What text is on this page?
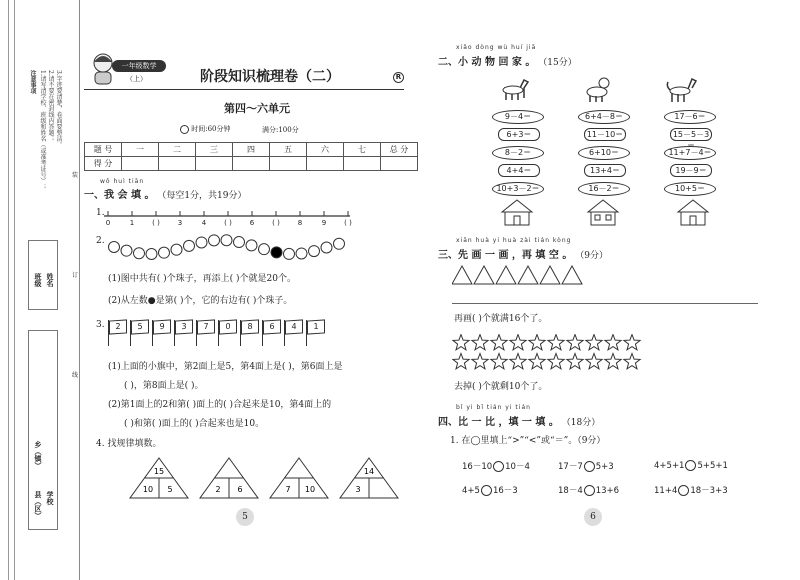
注意事项 1.请写清学校、班级和姓名（或准考证号）； 2.请不要在密封线内答题； 3.字迹要清楚，卷面要整洁。
班级 姓名
乡（镇）
县（区） 学校
装
订
线
一年级数学
（上）	阶段知识梳理卷（二）	R
第四～六单元
时间:60分钟	满分:100分
题 号	一	二	三	四	五	六	七	总 分
得 分								
wǒ huì tiān
一、我 会 填 。 （每空1分，共19分）
1.
0	1	( )	3	4	( )	6	( )	8	9	( )
2.
(1)图中共有( )个珠子，再添上( )个就是20个。
(2)从左数●是第( )个，它的右边有( )个珠子。
3.	2	5	9	3	7	0	8	6	4	1
(1)上面的小旗中，第2面上是5，第4面上是( )，第6面上是
( )，第8面上是( )。
(2)第1面上的2和第( )面上的( )合起来是10，第4面上的
( )和第( )面上的( )合起来也是10。
4. 找规律填数。
15
10 5	2 6	7 10
14
3
5
xiǎo dòng wù huí jiā
二、小 动 物 回 家 。 （15分）
9－4＝	6+4－8＝	17－6＝
6+3＝	11－10＝	15－5－3＝
8－2＝	6+10＝	11+7－4＝
4+4＝	13+4＝	19－9＝
10+3－2＝	16－2＝	10+5＝
xiān huà yi huà zài tián kòng
三、先 画 一 画 ，再 填 空 。 （9分）
再画( )个就满16个了。
去掉( )个就剩10个了。
bǐ yi bǐ tián yi tián
四、比 一 比 ，填 一 填 。 （18分）
1. 在◯里填上“>”“<”或“＝”。（9分）
16－10 10－4	17－7 5+3	4+5+1 5+5+1
4+5 16－3	18－4 13+6	11+4 18－3+3
6
